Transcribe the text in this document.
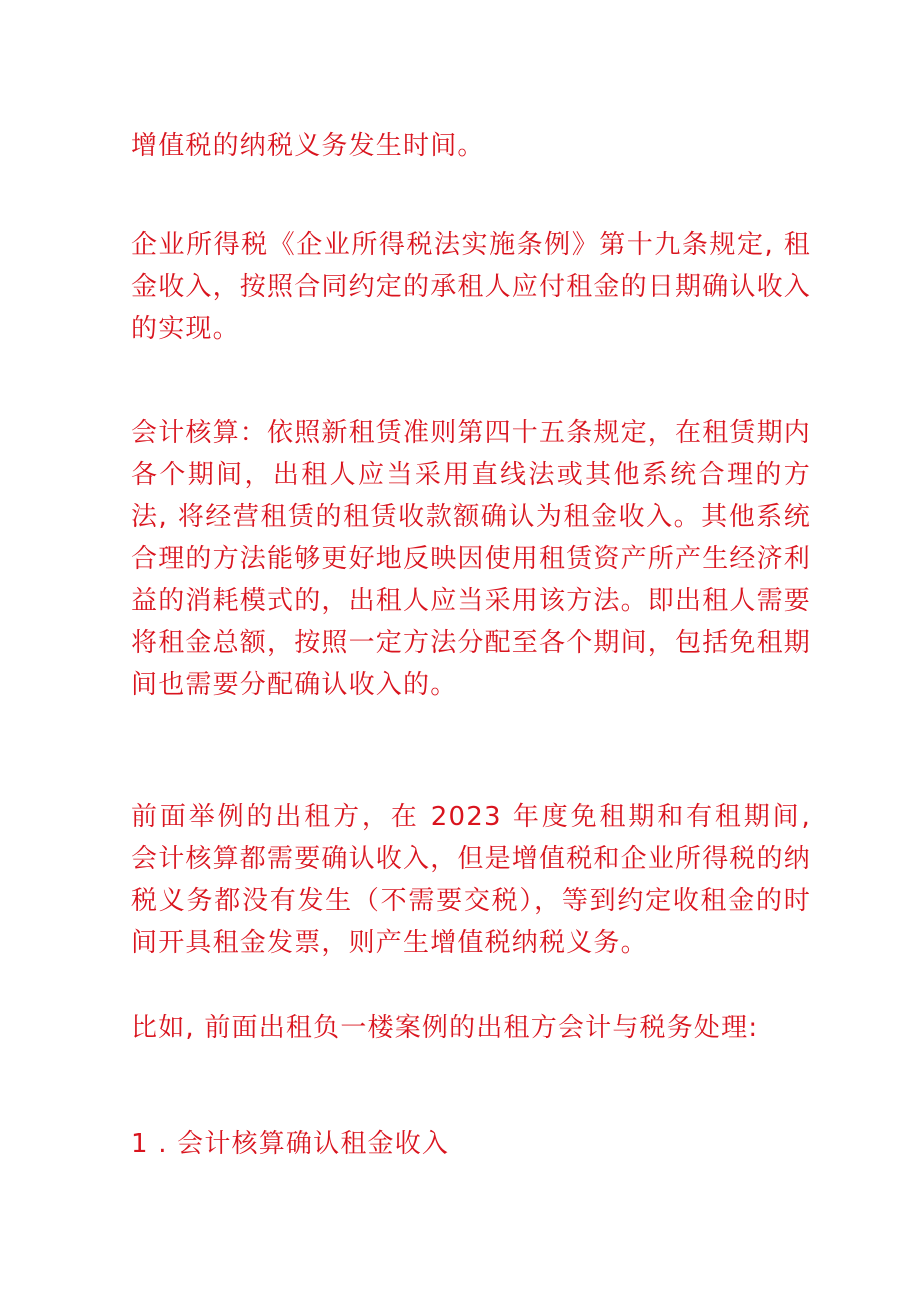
增值税的纳税义务发生时间。

企业所得税《企业所得税法实施条例》第十九条规定, 租金收入，按照合同约定的承租人应付租金的日期确认收入的实现。

会计核算：依照新租赁准则第四十五条规定，在租赁期内各个期间，出租人应当采用直线法或其他系统合理的方法, 将经营租赁的租赁收款额确认为租金收入。其他系统合理的方法能够更好地反映因使用租赁资产所产生经济利益的消耗模式的，出租人应当采用该方法。即出租人需要将租金总额，按照一定方法分配至各个期间，包括免租期间也需要分配确认收入的。

前面举例的出租方，在 2023 年度免租期和有租期间, 会计核算都需要确认收入，但是增值税和企业所得税的纳税义务都没有发生（不需要交税），等到约定收租金的时间开具租金发票，则产生增值税纳税义务。

比如, 前面出租负一楼案例的出租方会计与税务处理:

1 . 会计核算确认租金收入
